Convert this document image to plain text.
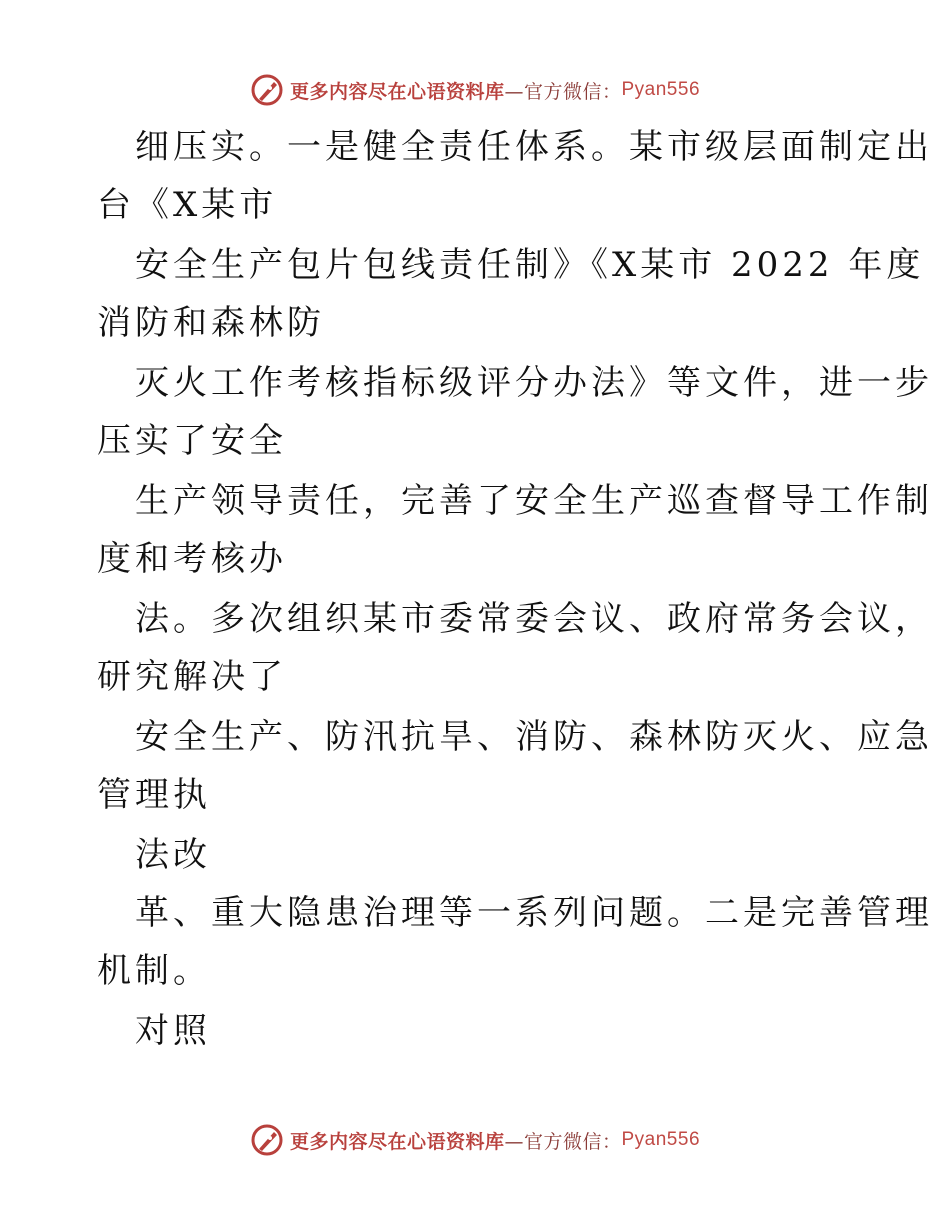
更多内容尽在心语资料库 —官方微信： Pyan556
细压实。一是健全责任体系。某市级层面制定出
台《X某市
安全生产包片包线责任制》《X某市 2022 年度
消防和森林防
灭火工作考核指标级评分办法》等文件，进一步
压实了安全
生产领导责任，完善了安全生产巡查督导工作制
度和考核办
法。多次组织某市委常委会议、政府常务会议，
研究解决了
安全生产、防汛抗旱、消防、森林防灭火、应急
管理执
法改
革、重大隐患治理等一系列问题。二是完善管理
机制。
对照
更多内容尽在心语资料库 —官方微信： Pyan556
